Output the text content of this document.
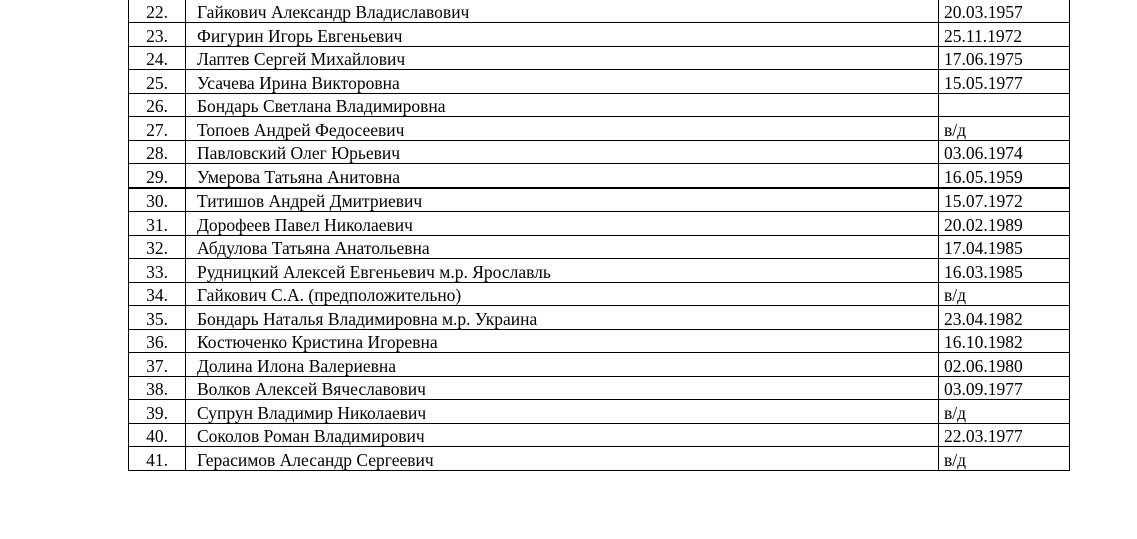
22.	Гайкович Александр Владиславович	20.03.1957
23.	Фигурин Игорь Евгеньевич	25.11.1972
24.	Лаптев Сергей Михайлович	17.06.1975
25.	Усачева Ирина Викторовна	15.05.1977
26.	Бондарь Светлана Владимировна	
27.	Топоев Андрей Федосеевич	в/д
28.	Павловский Олег Юрьевич	03.06.1974
29.	Умерова Татьяна Анитовна	16.05.1959
30.	Титишов Андрей Дмитриевич	15.07.1972
31.	Дорофеев Павел Николаевич	20.02.1989
32.	Абдулова Татьяна Анатольевна	17.04.1985
33.	Рудницкий Алексей Евгеньевич м.р. Ярославль	16.03.1985
34.	Гайкович С.А. (предположительно)	в/д
35.	Бондарь Наталья Владимировна м.р. Украина	23.04.1982
36.	Костюченко Кристина Игоревна	16.10.1982
37.	Долина Илона Валериевна	02.06.1980
38.	Волков Алексей Вячеславович	03.09.1977
39.	Супрун Владимир Николаевич	в/д
40.	Соколов Роман Владимирович	22.03.1977
41.	Герасимов Алесандр Сергеевич	в/д
